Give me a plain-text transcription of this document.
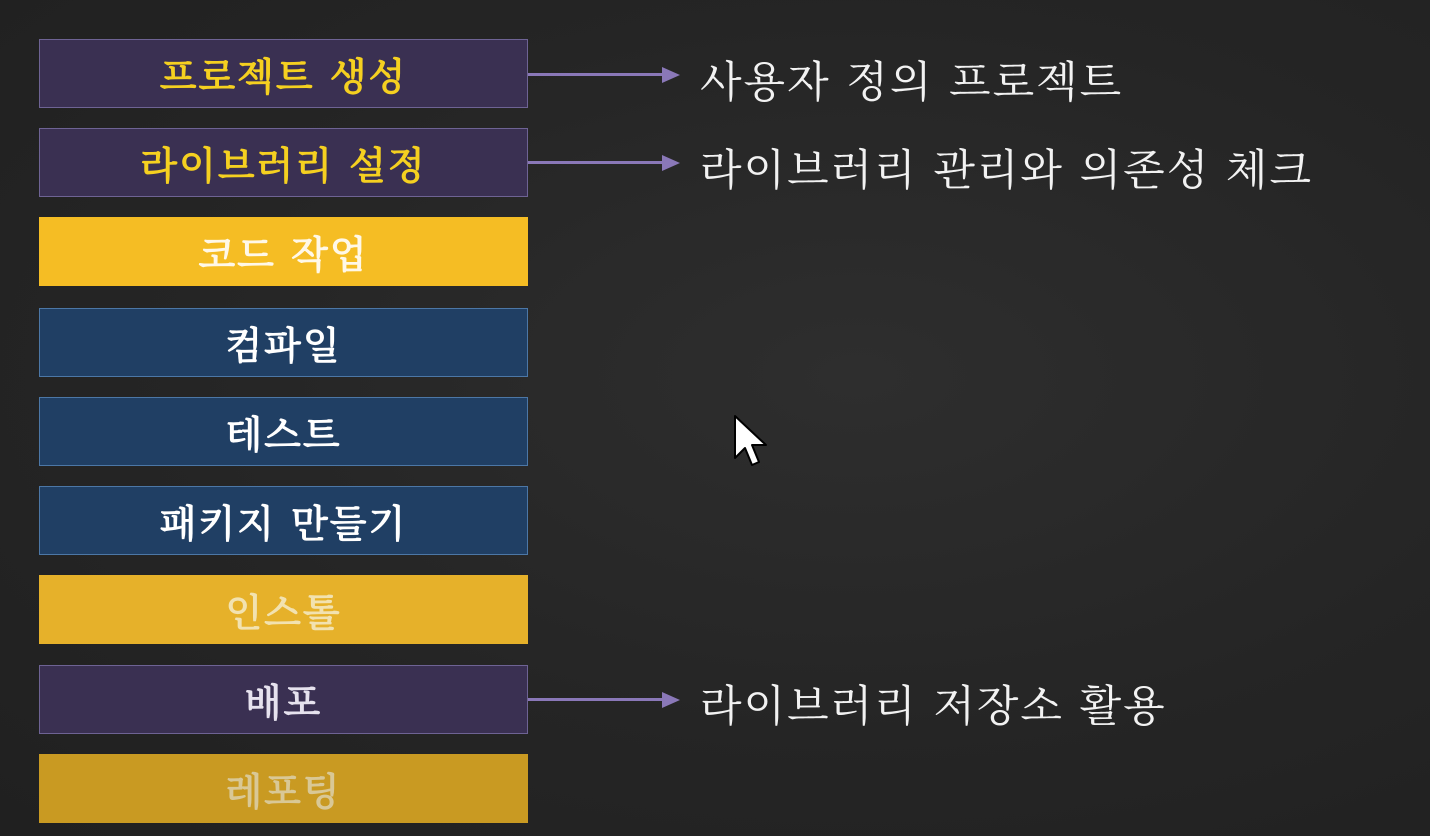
프로젝트 생성
라이브러리 설정
코드 작업
컴파일
테스트
패키지 만들기
인스톨
배포
레포팅
사용자 정의 프로젝트
라이브러리 관리와 의존성 체크
라이브러리 저장소 활용
